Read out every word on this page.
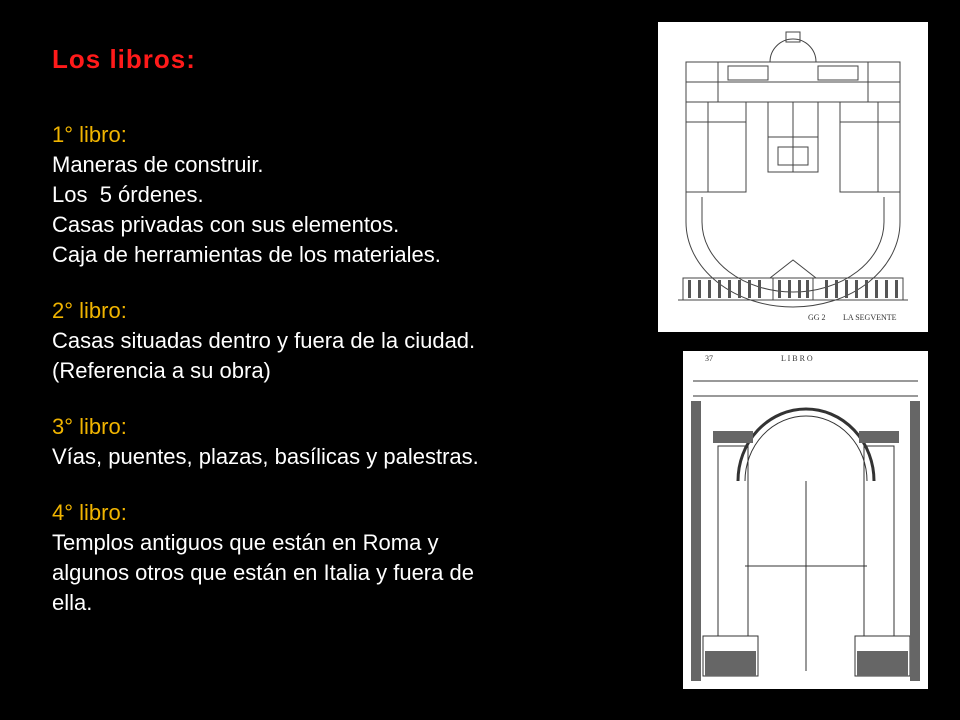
Los libros:
1° libro:
Maneras de construir.
Los  5 órdenes.
Casas privadas con sus elementos.
Caja de herramientas de los materiales.
2° libro:
Casas situadas dentro y fuera de la ciudad.
(Referencia a su obra)
3° libro:
Vías, puentes, plazas, basílicas y palestras.
4° libro:
Templos antiguos que están en Roma y
algunos otros que están en Italia y fuera de
ella.
GG 2 LA SEGVENTE
37	L I B R O
